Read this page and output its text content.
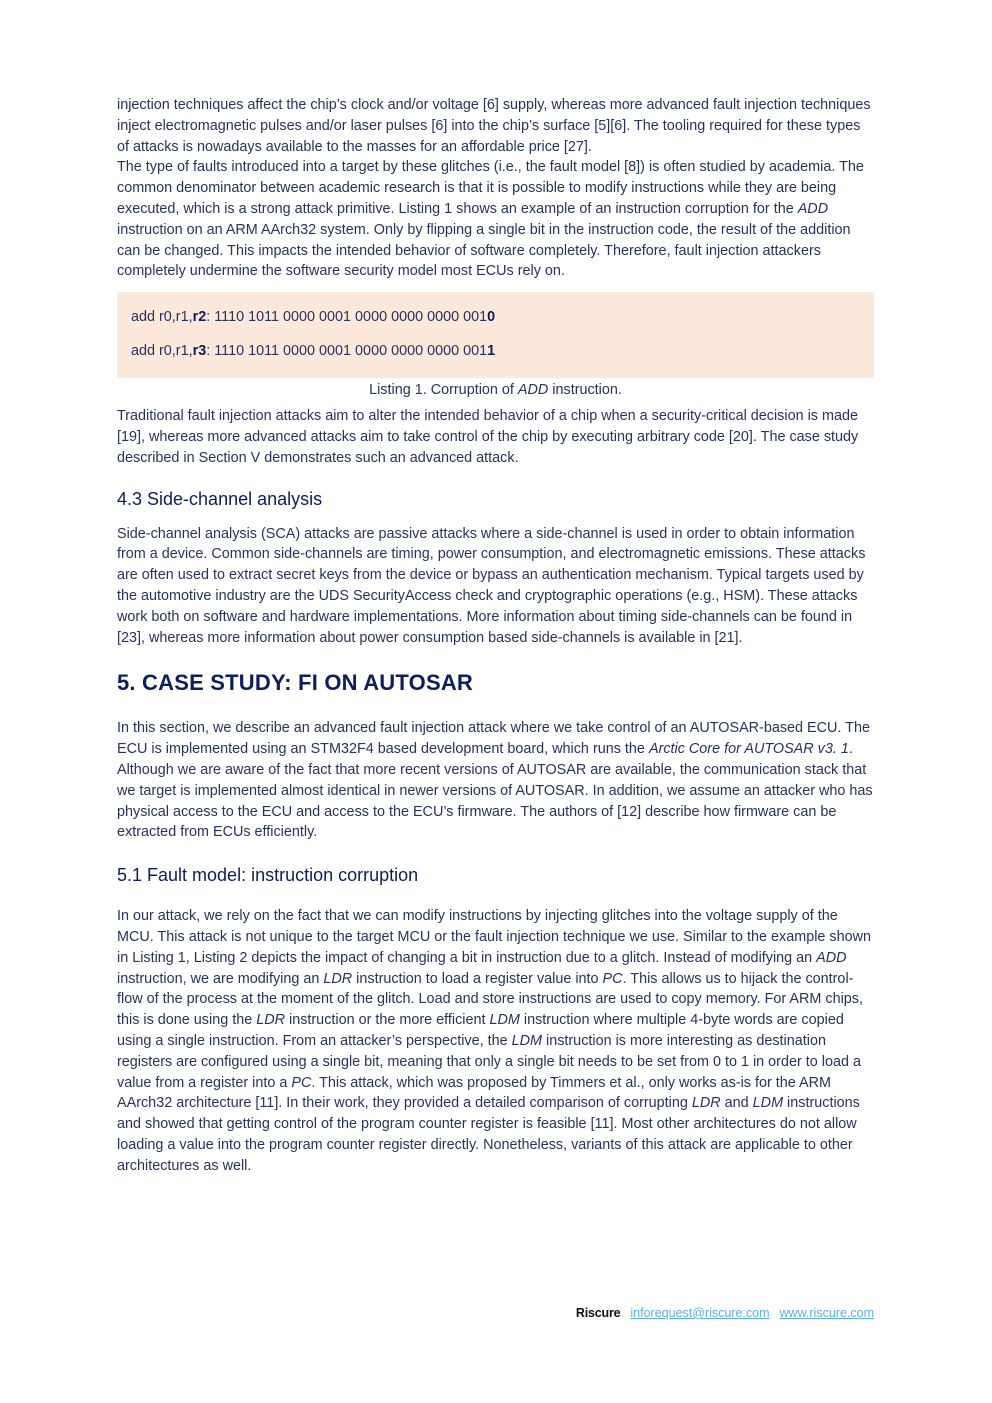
injection techniques affect the chip’s clock and/or voltage [6] supply, whereas more advanced fault injection techniques inject electromagnetic pulses and/or laser pulses [6] into the chip’s surface [5][6]. The tooling required for these types of attacks is nowadays available to the masses for an affordable price [27].

The type of faults introduced into a target by these glitches (i.e., the fault model [8]) is often studied by academia. The common denominator between academic research is that it is possible to modify instructions while they are being executed, which is a strong attack primitive. Listing 1 shows an example of an instruction corruption for the ADD instruction on an ARM AArch32 system. Only by flipping a single bit in the instruction code, the result of the addition can be changed. This impacts the intended behavior of software completely. Therefore, fault injection attackers completely undermine the software security model most ECUs rely on.

add r0,r1,r2: 1110 1011 0000 0001 0000 0000 0000 0010
add r0,r1,r3: 1110 1011 0000 0001 0000 0000 0000 0011
Listing 1. Corruption of ADD instruction.

Traditional fault injection attacks aim to alter the intended behavior of a chip when a security-critical decision is made [19], whereas more advanced attacks aim to take control of the chip by executing arbitrary code [20]. The case study described in Section V demonstrates such an advanced attack.

4.3 Side-channel analysis

Side-channel analysis (SCA) attacks are passive attacks where a side-channel is used in order to obtain information from a device. Common side-channels are timing, power consumption, and electromagnetic emissions. These attacks are often used to extract secret keys from the device or bypass an authentication mechanism. Typical targets used by the automotive industry are the UDS SecurityAccess check and cryptographic operations (e.g., HSM). These attacks work both on software and hardware implementations. More information about timing side-channels can be found in [23], whereas more information about power consumption based side-channels is available in [21].

5. CASE STUDY: FI ON AUTOSAR

In this section, we describe an advanced fault injection attack where we take control of an AUTOSAR-based ECU. The ECU is implemented using an STM32F4 based development board, which runs the Arctic Core for AUTOSAR v3. 1. Although we are aware of the fact that more recent versions of AUTOSAR are available, the communication stack that we target is implemented almost identical in newer versions of AUTOSAR. In addition, we assume an attacker who has physical access to the ECU and access to the ECU’s firmware. The authors of [12] describe how firmware can be extracted from ECUs efficiently.

5.1 Fault model: instruction corruption

In our attack, we rely on the fact that we can modify instructions by injecting glitches into the voltage supply of the MCU. This attack is not unique to the target MCU or the fault injection technique we use. Similar to the example shown in Listing 1, Listing 2 depicts the impact of changing a bit in instruction due to a glitch. Instead of modifying an ADD instruction, we are modifying an LDR instruction to load a register value into PC. This allows us to hijack the control-flow of the process at the moment of the glitch. Load and store instructions are used to copy memory. For ARM chips, this is done using the LDR instruction or the more efficient LDM instruction where multiple 4-byte words are copied using a single instruction. From an attacker’s perspective, the LDM instruction is more interesting as destination registers are configured using a single bit, meaning that only a single bit needs to be set from 0 to 1 in order to load a value from a register into a PC. This attack, which was proposed by Timmers et al., only works as-is for the ARM AArch32 architecture [11]. In their work, they provided a detailed comparison of corrupting LDR and LDM instructions and showed that getting control of the program counter register is feasible [11]. Most other architectures do not allow loading a value into the program counter register directly. Nonetheless, variants of this attack are applicable to other architectures as well.

Riscure inforequest@riscure.com www.riscure.com
